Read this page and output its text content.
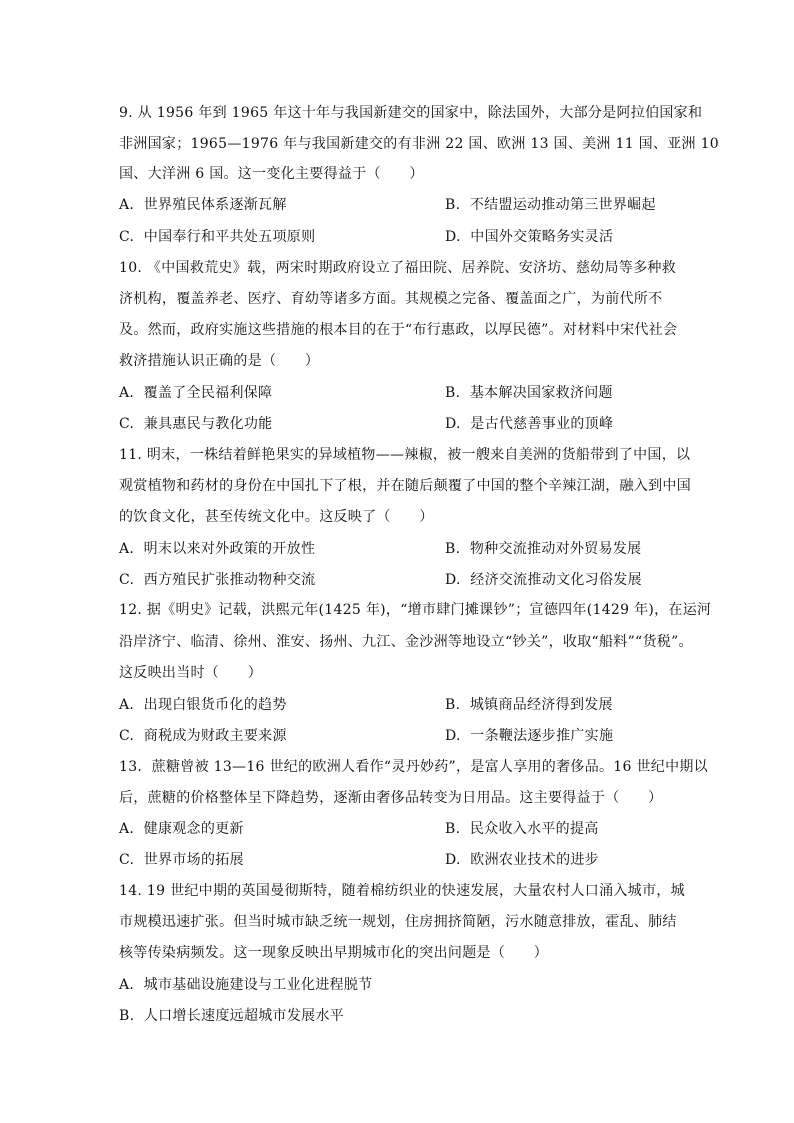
9. 从 1956 年到 1965 年这十年与我国新建交的国家中，除法国外，大部分是阿拉伯国家和
非洲国家；1965—1976 年与我国新建交的有非洲 22 国、欧洲 13 国、美洲 11 国、亚洲 10
国、大洋洲 6 国。这一变化主要得益于（　　）
A.  世界殖民体系逐渐瓦解	B.  不结盟运动推动第三世界崛起
C.  中国奉行和平共处五项原则	D.  中国外交策略务实灵活
10. 《中国救荒史》载，两宋时期政府设立了福田院、居养院、安济坊、慈幼局等多种救
济机构，覆盖养老、医疗、育幼等诸多方面。其规模之完备、覆盖面之广，为前代所不
及。然而，政府实施这些措施的根本目的在于“布行惠政，以厚民德”。对材料中宋代社会
救济措施认识正确的是（　　）
A.  覆盖了全民福利保障	B.  基本解决国家救济问题
C.  兼具惠民与教化功能	D.  是古代慈善事业的顶峰
11. 明末，一株结着鲜艳果实的异域植物——辣椒，被一艘来自美洲的货船带到了中国，以
观赏植物和药材的身份在中国扎下了根，并在随后颠覆了中国的整个辛辣江湖，融入到中国
的饮食文化，甚至传统文化中。这反映了（　　）
A.  明末以来对外政策的开放性	B.  物种交流推动对外贸易发展
C.  西方殖民扩张推动物种交流	D.  经济交流推动文化习俗发展
12. 据《明史》记载，洪熙元年(1425 年)，“增市肆门摊课钞”；宣德四年(1429 年)，在运河
沿岸济宁、临清、徐州、淮安、扬州、九江、金沙洲等地设立“钞关”，收取“船料”“货税”。
这反映出当时（　　）
A.  出现白银货币化的趋势	B.  城镇商品经济得到发展
C.  商税成为财政主要来源	D.  一条鞭法逐步推广实施
13.  蔗糖曾被 13—16 世纪的欧洲人看作“灵丹妙药”，是富人享用的奢侈品。16 世纪中期以
后，蔗糖的价格整体呈下降趋势，逐渐由奢侈品转变为日用品。这主要得益于（　　）
A.  健康观念的更新	B.  民众收入水平的提高
C.  世界市场的拓展	D.  欧洲农业技术的进步
14. 19 世纪中期的英国曼彻斯特，随着棉纺织业的快速发展，大量农村人口涌入城市，城
市规模迅速扩张。但当时城市缺乏统一规划，住房拥挤简陋，污水随意排放，霍乱、肺结
核等传染病频发。这一现象反映出早期城市化的突出问题是（　　）
A.  城市基础设施建设与工业化进程脱节
B.  人口增长速度远超城市发展水平
